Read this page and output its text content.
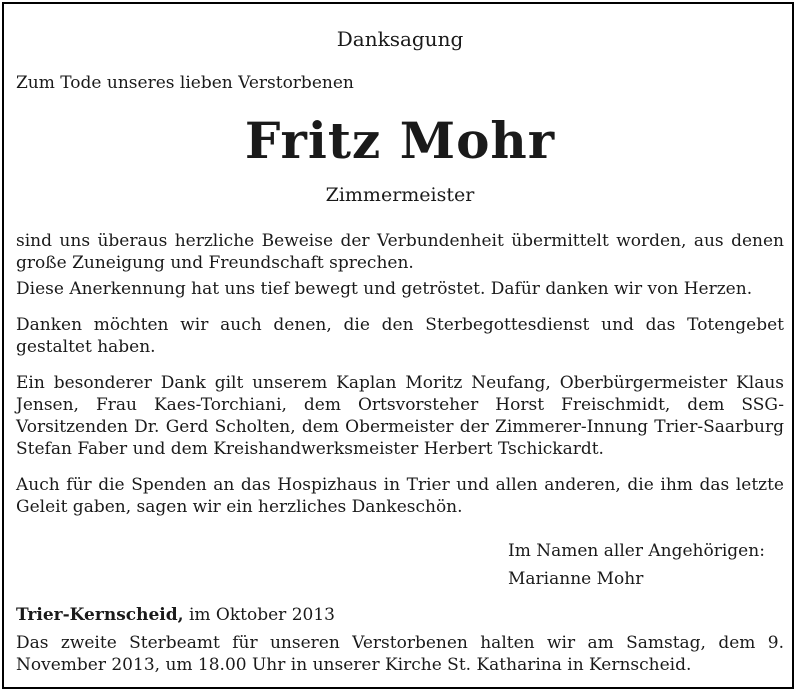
Danksagung

Zum Tode unseres lieben Verstorbenen

Fritz Mohr

Zimmermeister

sind uns überaus herzliche Beweise der Verbundenheit übermittelt worden, aus denen große Zuneigung und Freundschaft sprechen.

Diese Anerkennung hat uns tief bewegt und getröstet. Dafür danken wir von Herzen.

Danken möchten wir auch denen, die den Sterbegottesdienst und das Totengebet gestaltet haben.

Ein besonderer Dank gilt unserem Kaplan Moritz Neufang, Oberbürgermeister Klaus Jensen, Frau Kaes-Torchiani, dem Ortsvorsteher Horst Freischmidt, dem SSG-Vorsitzenden Dr. Gerd Scholten, dem Obermeister der Zimmerer-Innung Trier-Saarburg Stefan Faber und dem Kreishandwerksmeister Herbert Tschickardt.

Auch für die Spenden an das Hospizhaus in Trier und allen anderen, die ihm das letzte Geleit gaben, sagen wir ein herzliches Dankeschön.

Im Namen aller Angehörigen:

Marianne Mohr

Trier-Kernscheid, im Oktober 2013

Das zweite Sterbeamt für unseren Verstorbenen halten wir am Samstag, dem 9. November 2013, um 18.00 Uhr in unserer Kirche St. Katharina in Kernscheid.
